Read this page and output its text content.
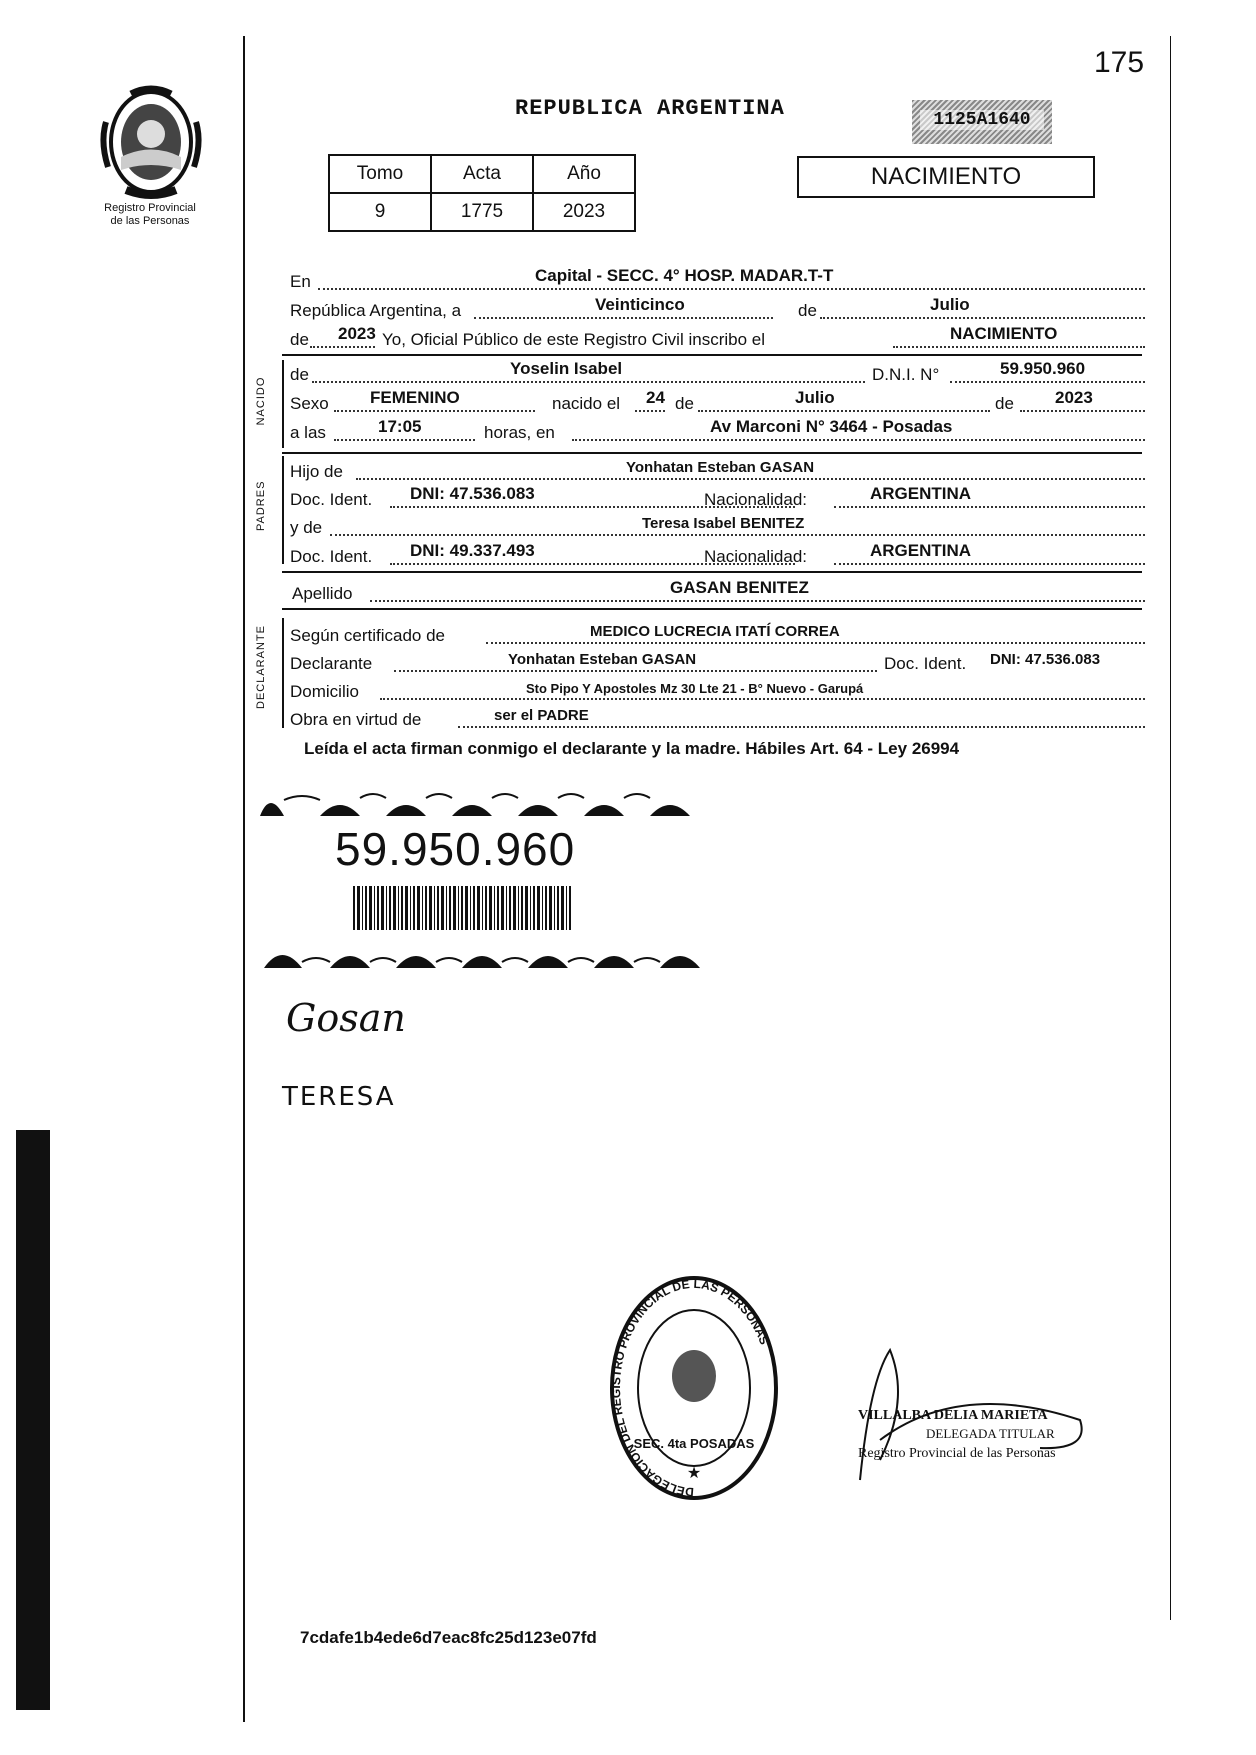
175
Registro Provincial
de las Personas
REPUBLICA ARGENTINA	1125A1640
Tomo	Acta	Año
9	1775	2023
NACIMIENTO
En	Capital - SECC. 4° HOSP. MADAR.T-T
República Argentina, a	Veinticinco	de	Julio
de 2023 Yo, Oficial Público de este Registro Civil inscribo el	NACIMIENTO
NACIDO
de	Yoselin Isabel	D.N.I. N°	59.950.960
Sexo FEMENINO	nacido el 24 de	Julio	de 2023
a las	17:05	horas, en	Av Marconi N° 3464 - Posadas
PADRES
Hijo de	Yonhatan Esteban GASAN
Doc. Ident. DNI: 47.536.083	Nacionalidad:	ARGENTINA
y de	Teresa Isabel BENITEZ
Doc. Ident. DNI: 49.337.493	Nacionalidad:	ARGENTINA
Apellido	GASAN BENITEZ
DECLARANTE Según certificado de	MEDICO LUCRECIA ITATÍ CORREA
Declarante	Yonhatan Esteban GASAN	Doc. Ident. DNI: 47.536.083
Domicilio	Sto Pipo Y Apostoles Mz 30 Lte 21 - B° Nuevo - Garupá
Obra en virtud de	ser el PADRE
Leída el acta firman conmigo el declarante y la madre. Hábiles Art. 64 - Ley 26994
59.950.960
Gosan
TERESA
DELEGACION DEL REGISTRO PROVINCIAL DE LAS PERSONAS
SEC. 4ta POSADAS
★
VILLALBA DELIA MARIETA
DELEGADA TITULAR
Registro Provincial de las Personas
7cdafe1b4ede6d7eac8fc25d123e07fd
